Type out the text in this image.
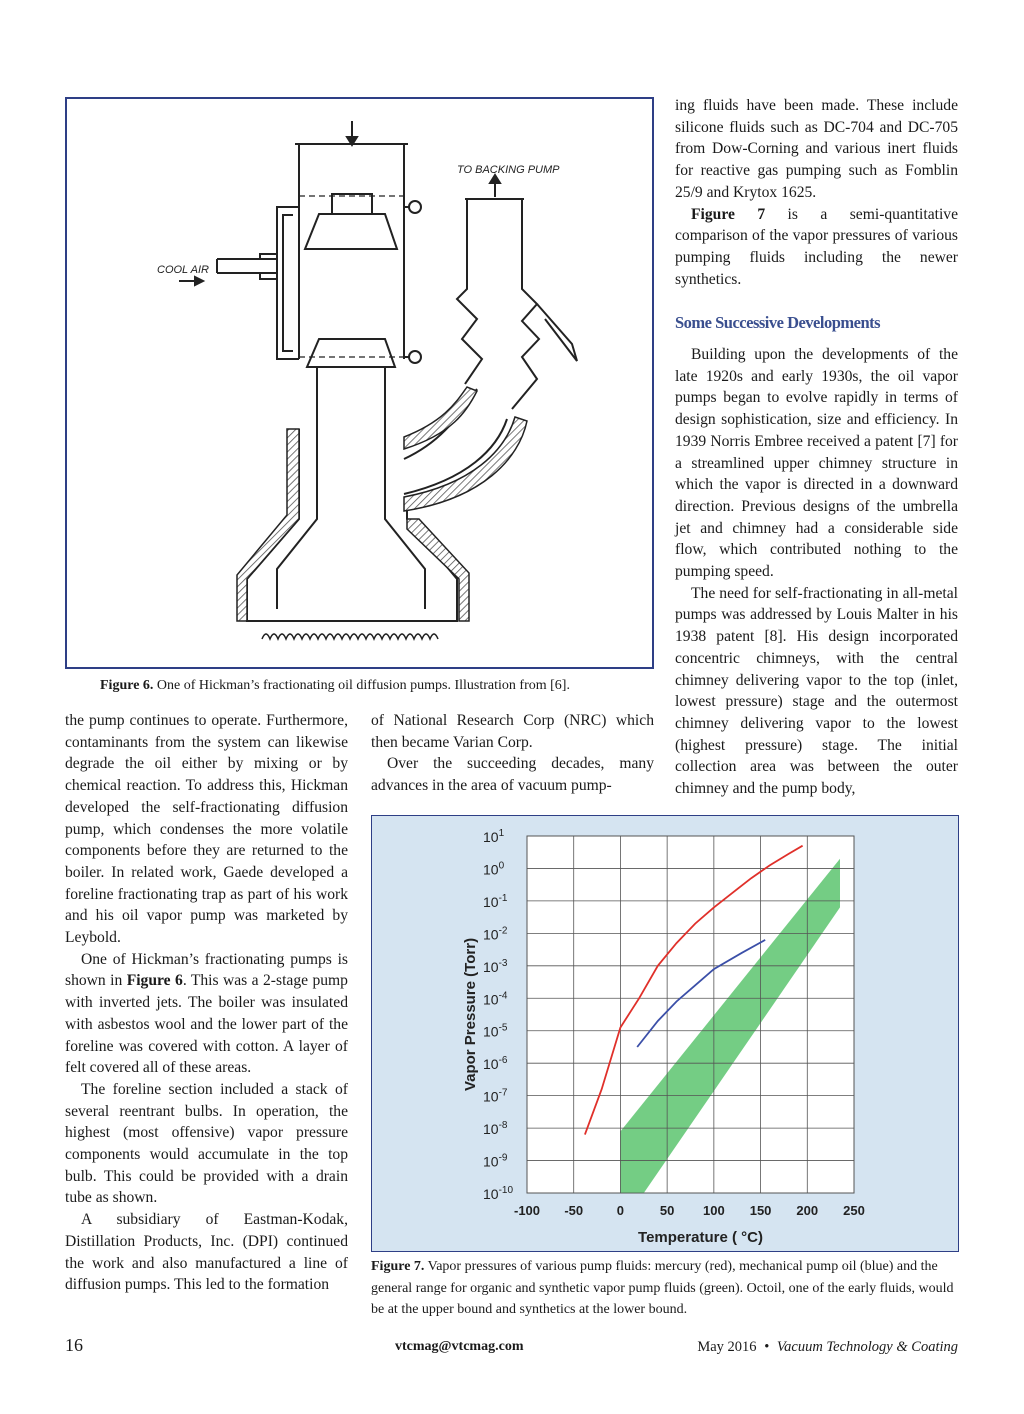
TO BACKING PUMP
COOL AIR
Figure 6. One of Hickman’s fractionating oil diffusion pumps. Illustration from [6].

ing fluids have been made. These include silicone fluids such as DC-704 and DC-705 from Dow-Corning and various inert fluids for reactive gas pumping such as Fomblin 25/9 and Krytox 1625.

Figure 7 is a semi-quantitative comparison of the vapor pressures of various pumping fluids including the newer synthetics.

Some Successive Developments

Building upon the developments of the late 1920s and early 1930s, the oil vapor pumps began to evolve rapidly in terms of design sophistication, size and efficiency. In 1939 Norris Embree received a patent [7] for a streamlined upper chimney structure in which the vapor is directed in a downward direction. Previous designs of the umbrella jet and chimney had a considerable side flow, which contributed nothing to the pumping speed.

The need for self-fractionating in all-metal pumps was addressed by Louis Malter in his 1938 patent [8]. His design incorporated concentric chimneys, with the central chimney delivering vapor to the top (inlet, lowest pressure) stage and the outermost chimney delivering vapor to the lowest (highest pressure) stage. The initial collection area was between the outer chimney and the pump body,

the pump continues to operate. Furthermore, contaminants from the system can likewise degrade the oil either by mixing or by chemical reaction. To address this, Hickman developed the self-fractionating diffusion pump, which condenses the more volatile components before they are returned to the boiler. In related work, Gaede developed a foreline fractionating trap as part of his work and his oil vapor pump was marketed by Leybold.

One of Hickman’s fractionating pumps is shown in Figure 6. This was a 2-stage pump with inverted jets. The boiler was insulated with asbestos wool and the lower part of the foreline was covered with cotton. A layer of felt covered all of these areas.

The foreline section included a stack of several reentrant bulbs. In operation, the highest (most offensive) vapor pressure components would accumulate in the top bulb. This could be provided with a drain tube as shown.

A subsidiary of Eastman-Kodak, Distillation Products, Inc. (DPI) continued the work and also manufactured a line of diffusion pumps. This led to the formation

of National Research Corp (NRC) which then became Varian Corp.

Over the succeeding decades, many advances in the area of vacuum pump-

-100 -50	0	50 100 150 200 250
$10^1$
$10^0$
$10^{-1}$
$10^{-2}$
$10^{-3}$
$10^{-4}$
$10^{-5}$
$10^{-6}$
$10^{-7}$
$10^{-8}$
$10^{-9}$
$10^{-10}$
Temperature ( °C)
Vapor Pressure (Torr)
Figure 7. Vapor pressures of various pump fluids: mercury (red), mechanical pump oil (blue) and the general range for organic and synthetic vapor pump fluids (green). Octoil, one of the early fluids, would be at the upper bound and synthetics at the lower bound.
16	vtcmag@vtcmag.com	May 2016 • Vacuum Technology & Coating
